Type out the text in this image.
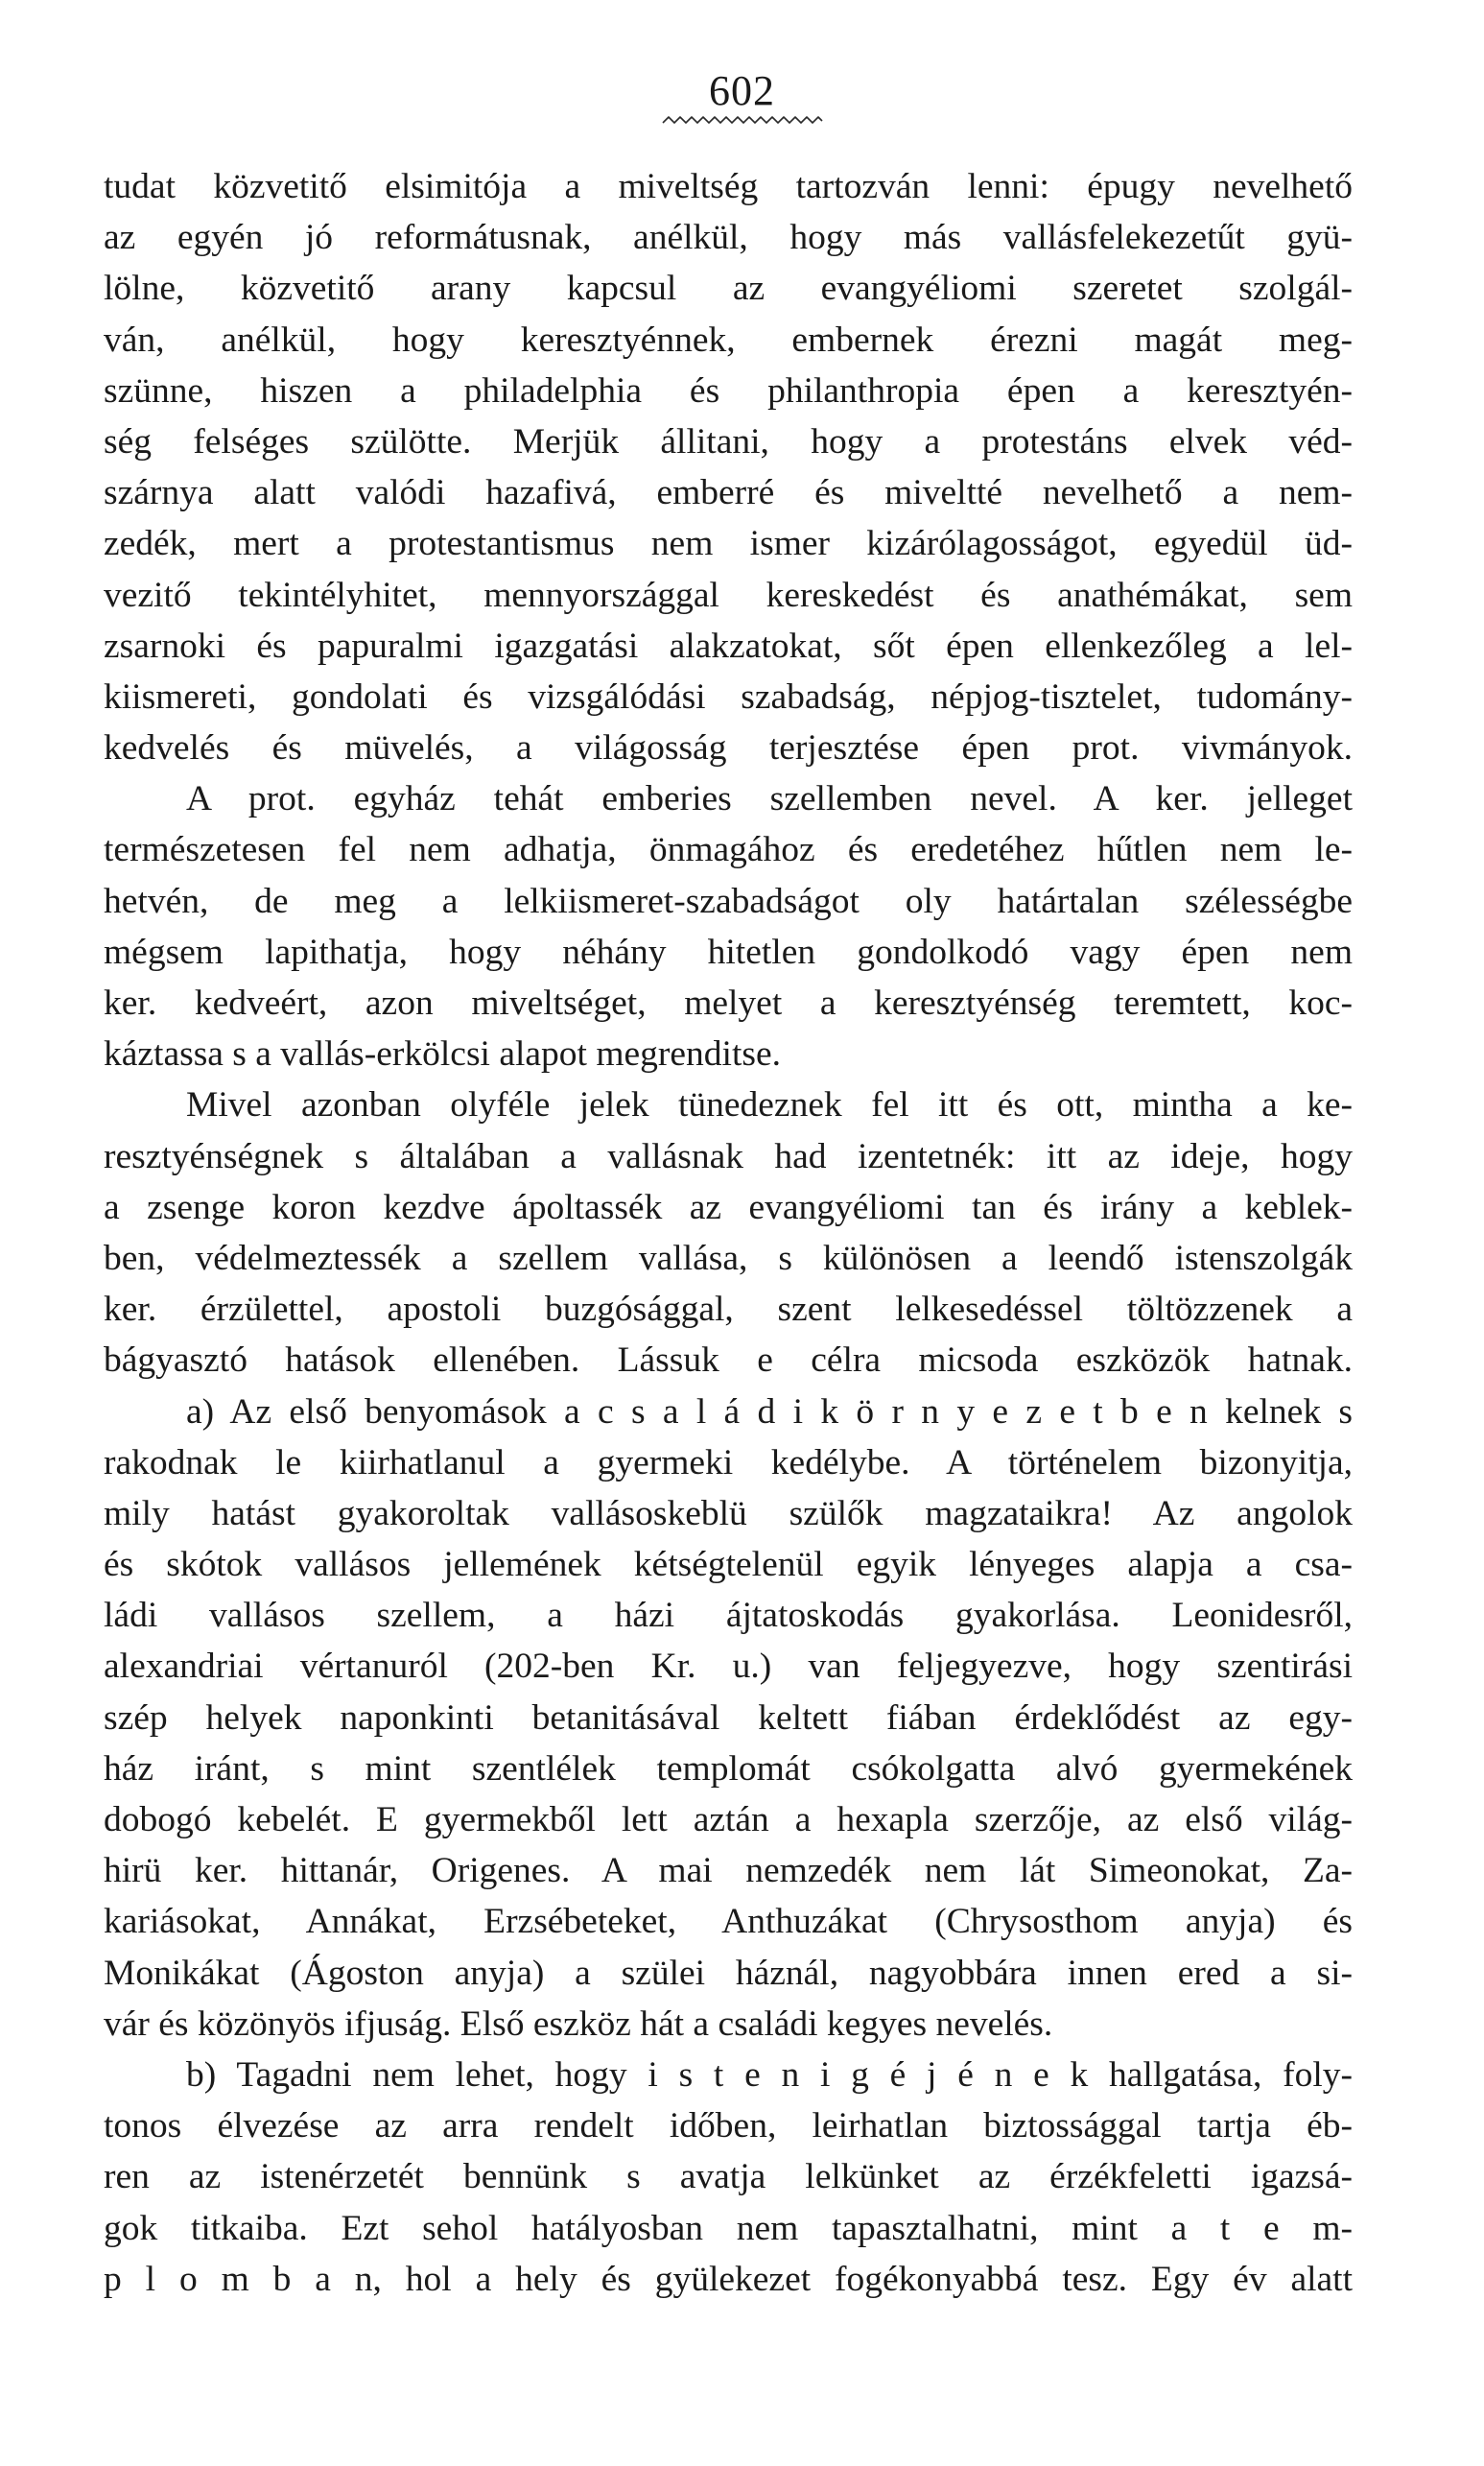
602
tudat közvetitő elsimitója a miveltség tartozván lenni: épugy nevelhető
az egyén jó reformátusnak, anélkül, hogy más vallásfelekezetűt gyü-
lölne, közvetitő arany kapcsul az evangyéliomi szeretet szolgál-
ván, anélkül, hogy keresztyénnek, embernek érezni magát meg-
szünne, hiszen a philadelphia és philanthropia épen a keresztyén-
ség felséges szülötte. Merjük állitani, hogy a protestáns elvek véd-
szárnya alatt valódi hazafivá, emberré és miveltté nevelhető a nem-
zedék, mert a protestantismus nem ismer kizárólagosságot, egyedül üd-
vezitő tekintélyhitet, mennyországgal kereskedést és anathémákat, sem
zsarnoki és papuralmi igazgatási alakzatokat, sőt épen ellenkezőleg a lel-
kiismereti, gondolati és vizsgálódási szabadság, népjog-tisztelet, tudomány-
kedvelés és müvelés, a világosság terjesztése épen prot. vivmányok.
A prot. egyház tehát emberies szellemben nevel. A ker. jelleget
természetesen fel nem adhatja, önmagához és eredetéhez hűtlen nem le-
hetvén, de meg a lelkiismeret-szabadságot oly határtalan szélességbe
mégsem lapithatja, hogy néhány hitetlen gondolkodó vagy épen nem
ker. kedveért, azon miveltséget, melyet a keresztyénség teremtett, koc-
káztassa s a vallás-erkölcsi alapot megrenditse.
Mivel azonban olyféle jelek tünedeznek fel itt és ott, mintha a ke-
resztyénségnek s általában a vallásnak had izentetnék: itt az ideje, hogy
a zsenge koron kezdve ápoltassék az evangyéliomi tan és irány a keblek-
ben, védelmeztessék a szellem vallása, s különösen a leendő istenszolgák
ker. érzülettel, apostoli buzgósággal, szent lelkesedéssel töltözzenek a
bágyasztó hatások ellenében. Lássuk e célra micsoda eszközök hatnak.
a) Az első benyomások a c s a l á d i k ö r n y e z e t b e n kelnek s
rakodnak le kiirhatlanul a gyermeki kedélybe. A történelem bizonyitja,
mily hatást gyakoroltak vallásoskeblü szülők magzataikra! Az angolok
és skótok vallásos jellemének kétségtelenül egyik lényeges alapja a csa-
ládi vallásos szellem, a házi ájtatoskodás gyakorlása. Leonidesről,
alexandriai vértanuról (202-ben Kr. u.) van feljegyezve, hogy szentirási
szép helyek naponkinti betanitásával keltett fiában érdeklődést az egy-
ház iránt, s mint szentlélek templomát csókolgatta alvó gyermekének
dobogó kebelét. E gyermekből lett aztán a hexapla szerzője, az első világ-
hirü ker. hittanár, Origenes. A mai nemzedék nem lát Simeonokat, Za-
kariásokat, Annákat, Erzsébeteket, Anthuzákat (Chrysosthom anyja) és
Monikákat (Ágoston anyja) a szülei háznál, nagyobbára innen ered a si-
vár és közönyös ifjuság. Első eszköz hát a családi kegyes nevelés.
b) Tagadni nem lehet, hogy i s t e n i g é j é n e k hallgatása, foly-
tonos élvezése az arra rendelt időben, leirhatlan biztossággal tartja éb-
ren az istenérzetét bennünk s avatja lelkünket az érzékfeletti igazsá-
gok titkaiba. Ezt sehol hatályosban nem tapasztalhatni, mint a t e m-
p l o m b a n, hol a hely és gyülekezet fogékonyabbá tesz. Egy év alatt
